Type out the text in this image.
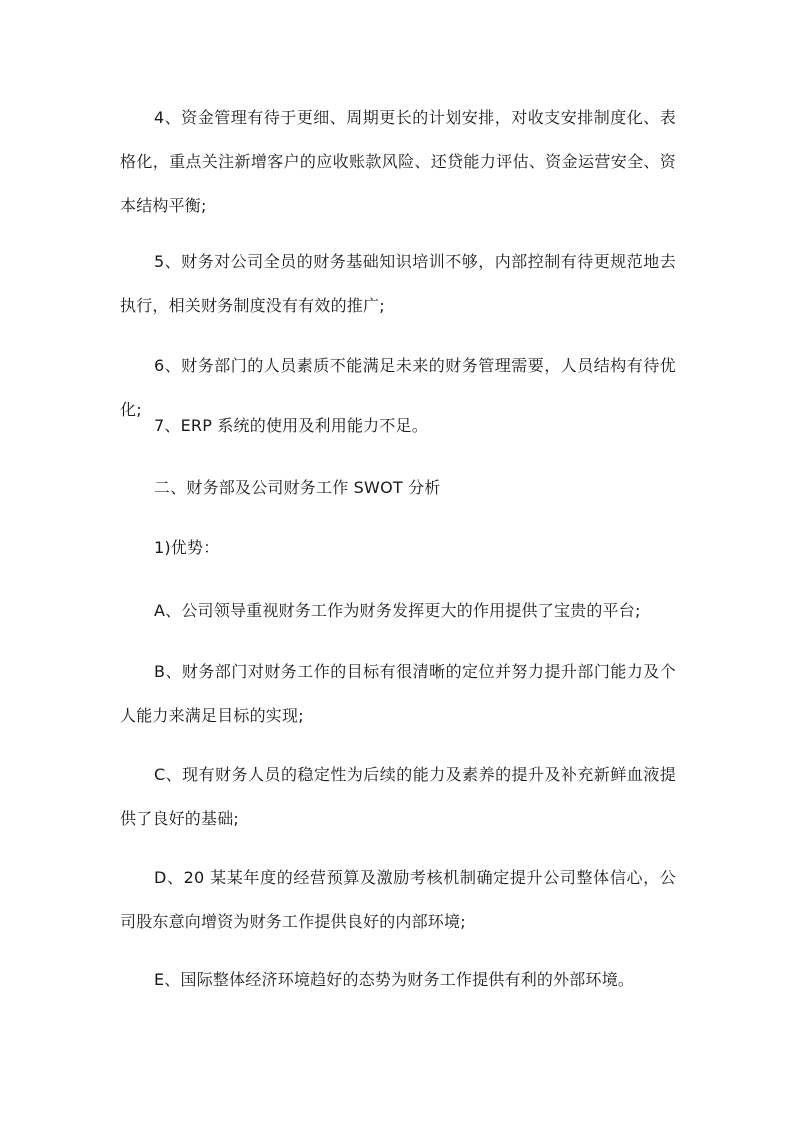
4、资金管理有待于更细、周期更长的计划安排，对收支安排制度化、表格化，重点关注新增客户的应收账款风险、还贷能力评估、资金运营安全、资本结构平衡;

5、财务对公司全员的财务基础知识培训不够，内部控制有待更规范地去执行，相关财务制度没有有效的推广;

6、财务部门的人员素质不能满足未来的财务管理需要，人员结构有待优化;

7、ERP 系统的使用及利用能力不足。

二、财务部及公司财务工作 SWOT 分析

1)优势：

A、公司领导重视财务工作为财务发挥更大的作用提供了宝贵的平台;

B、财务部门对财务工作的目标有很清晰的定位并努力提升部门能力及个人能力来满足目标的实现;

C、现有财务人员的稳定性为后续的能力及素养的提升及补充新鲜血液提供了良好的基础;

D、20 某某年度的经营预算及激励考核机制确定提升公司整体信心，公司股东意向增资为财务工作提供良好的内部环境;

E、国际整体经济环境趋好的态势为财务工作提供有利的外部环境。
